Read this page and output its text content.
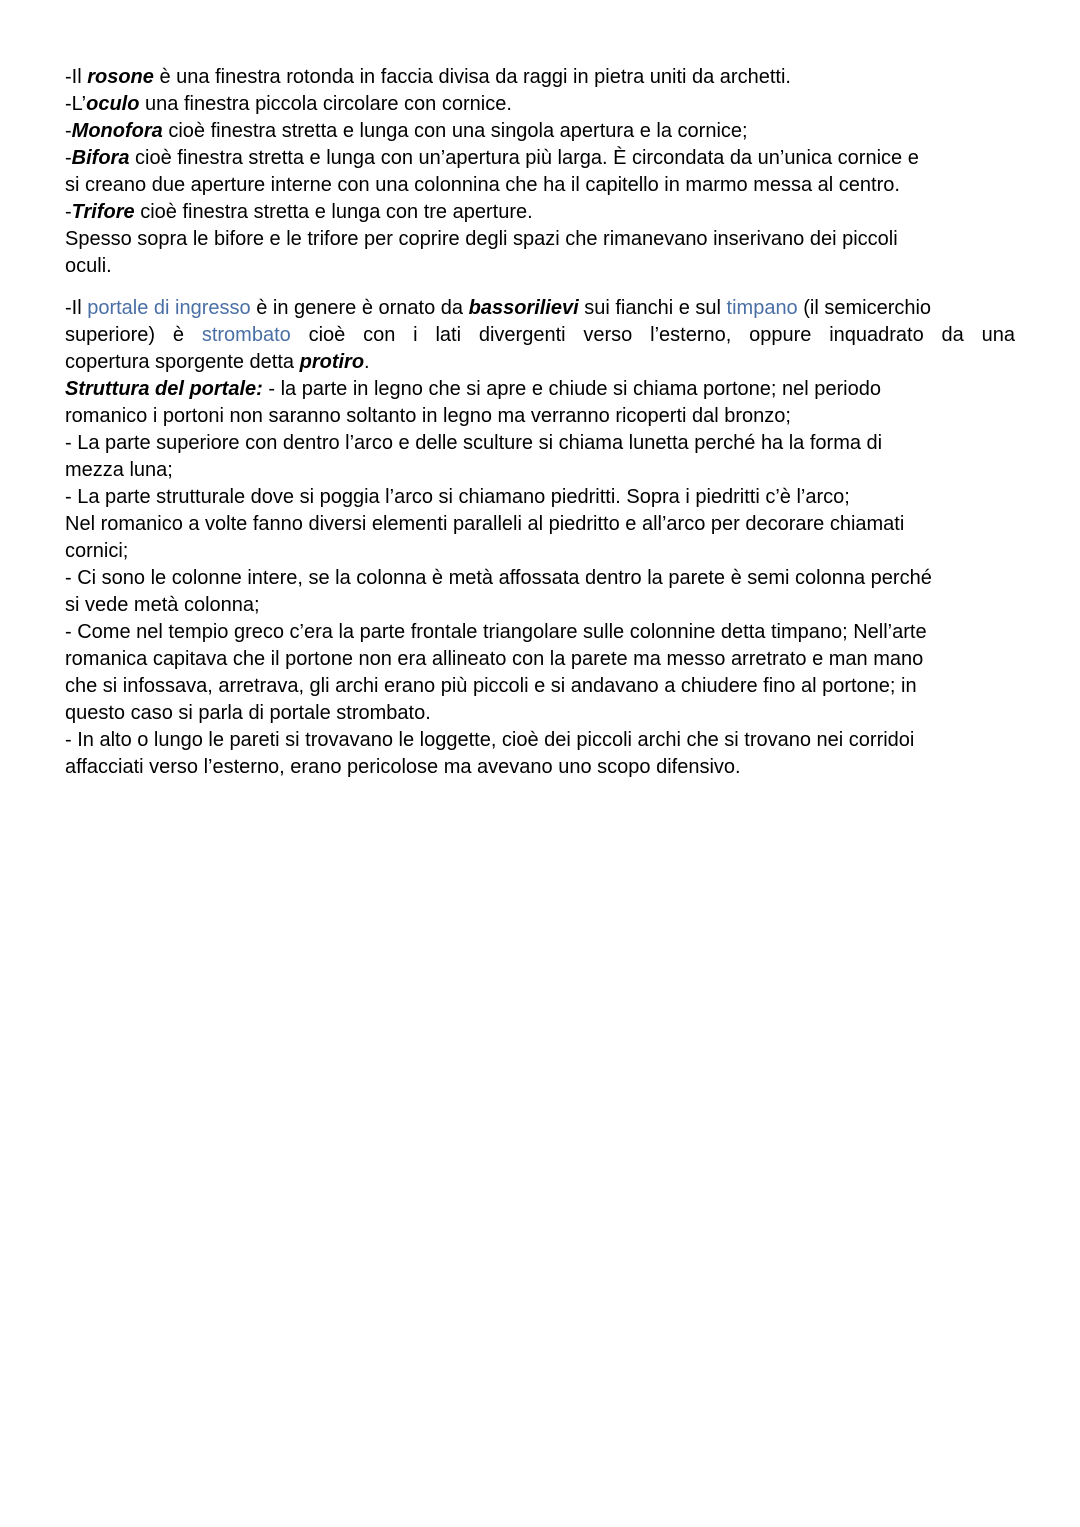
-Il rosone è una finestra rotonda in faccia divisa da raggi in pietra uniti da archetti.
-L’oculo una finestra piccola circolare con cornice.
-Monofora cioè finestra stretta e lunga con una singola apertura e la cornice;
-Bifora cioè finestra stretta e lunga con un’apertura più larga. È circondata da un’unica cornice e
si creano due aperture interne con una colonnina che ha il capitello in marmo messa al centro.
-Trifore cioè finestra stretta e lunga con tre aperture.
Spesso sopra le bifore e le trifore per coprire degli spazi che rimanevano inserivano dei piccoli
oculi.
-Il portale di ingresso è in genere è ornato da bassorilievi sui fianchi e sul timpano (il semicerchio
superiore) è strombato cioè con i lati divergenti verso l’esterno, oppure inquadrato da una
copertura sporgente detta protiro.
Struttura del portale: - la parte in legno che si apre e chiude si chiama portone; nel periodo
romanico i portoni non saranno soltanto in legno ma verranno ricoperti dal bronzo;
- La parte superiore con dentro l’arco e delle sculture si chiama lunetta perché ha la forma di
mezza luna;
- La parte strutturale dove si poggia l’arco si chiamano piedritti. Sopra i piedritti c’è l’arco;
Nel romanico a volte fanno diversi elementi paralleli al piedritto e all’arco per decorare chiamati
cornici;
- Ci sono le colonne intere, se la colonna è metà affossata dentro la parete è semi colonna perché
si vede metà colonna;
- Come nel tempio greco c’era la parte frontale triangolare sulle colonnine detta timpano; Nell’arte
romanica capitava che il portone non era allineato con la parete ma messo arretrato e man mano
che si infossava, arretrava, gli archi erano più piccoli e si andavano a chiudere fino al portone; in
questo caso si parla di portale strombato.
- In alto o lungo le pareti si trovavano le loggette, cioè dei piccoli archi che si trovano nei corridoi
affacciati verso l’esterno, erano pericolose ma avevano uno scopo difensivo.
